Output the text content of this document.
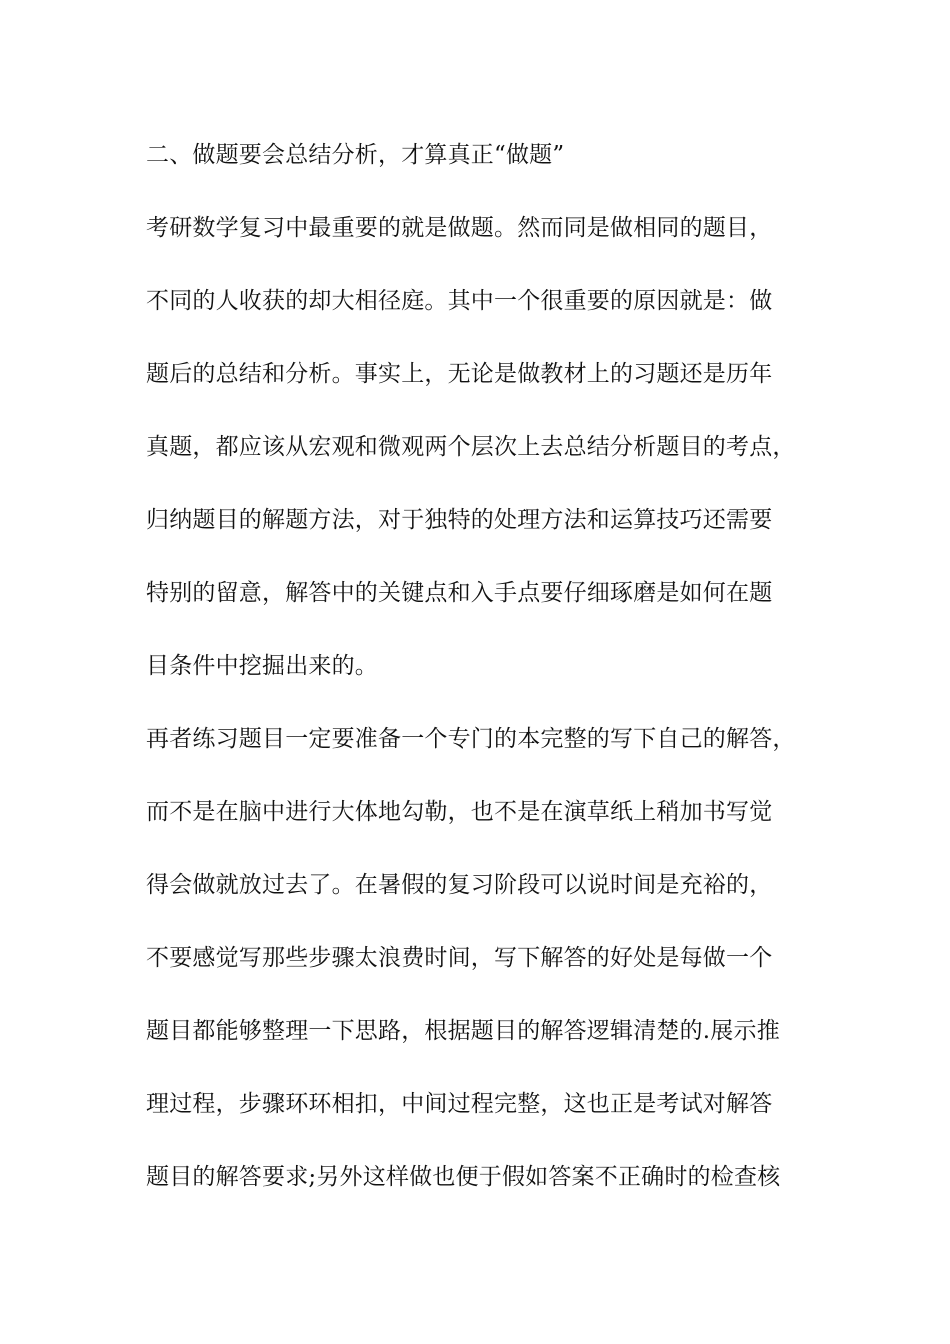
二、做题要会总结分析，才算真正“做题”
考研数学复习中最重要的就是做题。然而同是做相同的题目，
不同的人收获的却大相径庭。其中一个很重要的原因就是：做
题后的总结和分析。事实上，无论是做教材上的习题还是历年
真题，都应该从宏观和微观两个层次上去总结分析题目的考点，
归纳题目的解题方法，对于独特的处理方法和运算技巧还需要
特别的留意，解答中的关键点和入手点要仔细琢磨是如何在题
目条件中挖掘出来的。
再者练习题目一定要准备一个专门的本完整的写下自己的解答，
而不是在脑中进行大体地勾勒，也不是在演草纸上稍加书写觉
得会做就放过去了。在暑假的复习阶段可以说时间是充裕的，
不要感觉写那些步骤太浪费时间，写下解答的好处是每做一个
题目都能够整理一下思路，根据题目的解答逻辑清楚的.展示推
理过程，步骤环环相扣，中间过程完整，这也正是考试对解答
题目的解答要求;另外这样做也便于假如答案不正确时的检查核
